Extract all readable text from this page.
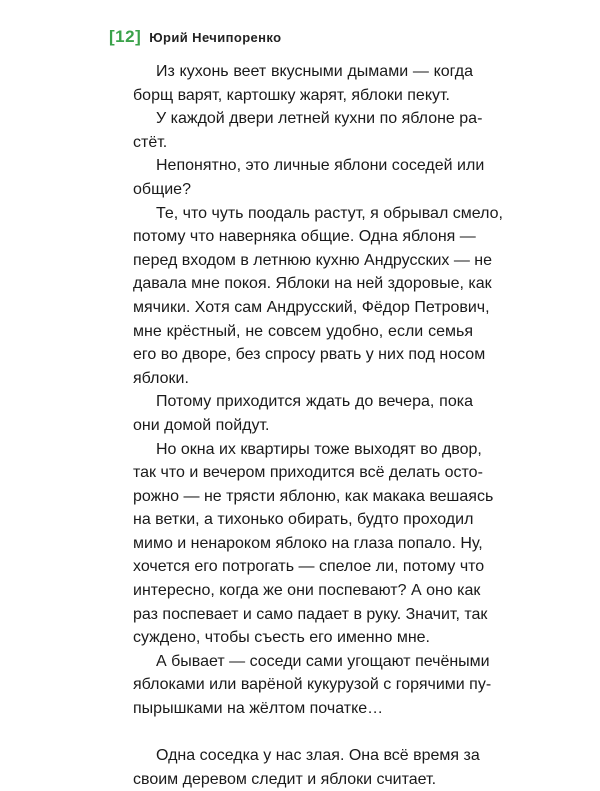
[12] Юрий Нечипоренко
Из кухонь веет вкусными дымами — когда
борщ варят, картошку жарят, яблоки пекут.
У каждой двери летней кухни по яблоне ра-
стёт.
Непонятно, это личные яблони соседей или
общие?
Те, что чуть поодаль растут, я обрывал смело,
потому что наверняка общие. Одна яблоня —
перед входом в летнюю кухню Андрусских — не
давала мне покоя. Яблоки на ней здоровые, как
мячики. Хотя сам Андрусский, Фёдор Петрович,
мне крёстный, не совсем удобно, если семья
его во дворе, без спросу рвать у них под носом
яблоки.
Потому приходится ждать до вечера, пока
они домой пойдут.
Но окна их квартиры тоже выходят во двор,
так что и вечером приходится всё делать осто-
рожно — не трясти яблоню, как макака вешаясь
на ветки, а тихонько обирать, будто проходил
мимо и ненароком яблоко на глаза попало. Ну,
хочется его потрогать — спелое ли, потому что
интересно, когда же они поспевают? А оно как
раз поспевает и само падает в руку. Значит, так
суждено, чтобы съесть его именно мне.
А бывает — соседи сами угощают печёными
яблоками или варёной кукурузой с горячими пу-
пырышками на жёлтом початке…
Одна соседка у нас злая. Она всё время за
своим деревом следит и яблоки считает.
